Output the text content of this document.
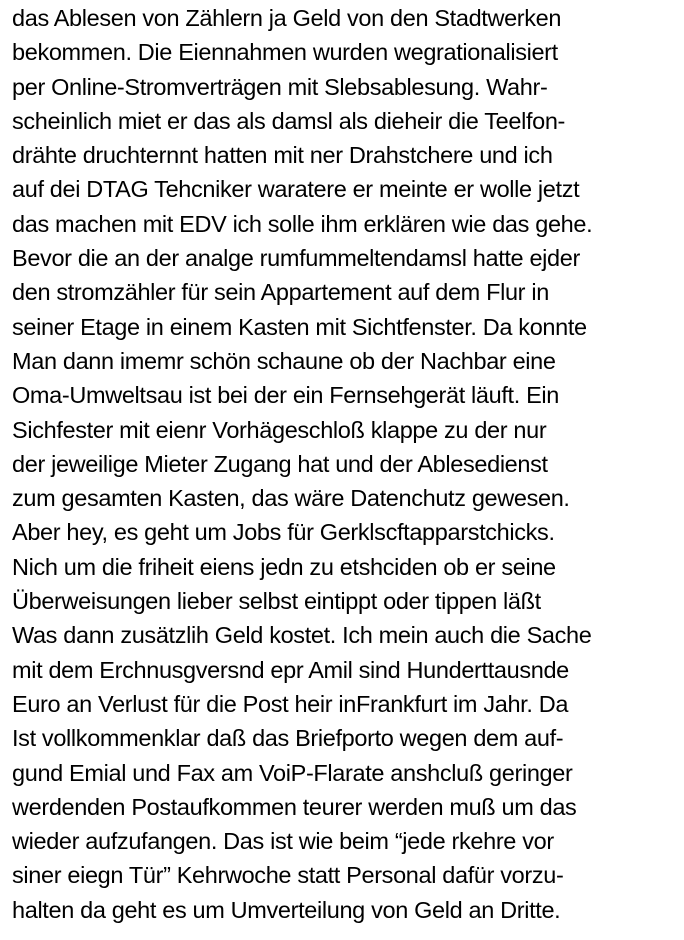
das Ablesen von Zählern ja Geld von den Stadtwerken
bekommen. Die Eiennahmen wurden wegrationalisiert
per Online-Stromverträgen mit Slebsablesung. Wahr-
scheinlich miet er das als damsl als dieheir die Teelfon-
drähte druchternnt hatten mit ner Drahstchere und ich
auf dei DTAG Tehcniker waratere er meinte er wolle jetzt
das machen mit EDV ich solle ihm erklären wie das gehe.
Bevor die an der analge rumfummeltendamsl hatte ejder
den stromzähler für sein Appartement auf dem Flur in
seiner Etage in einem Kasten mit Sichtfenster. Da konnte
Man dann imemr schön schaune ob der Nachbar eine
Oma-Umweltsau ist bei der ein Fernsehgerät läuft. Ein
Sichfester mit eienr Vorhägeschloß klappe zu der nur
der jeweilige Mieter Zugang hat und der Ablesedienst
zum gesamten Kasten, das wäre Datenchutz gewesen.
Aber hey, es geht um Jobs für Gerklscftapparstchicks.
Nich um die friheit eiens jedn zu etshciden ob er seine
Überweisungen lieber selbst eintippt oder tippen läßt
Was dann zusätzlih Geld kostet. Ich mein auch die Sache
mit dem Erchnusgversnd epr Amil sind Hunderttausnde
Euro an Verlust für die Post heir inFrankfurt im Jahr. Da
Ist vollkommenklar daß das Briefporto wegen dem auf-
gund Emial und Fax am VoiP-Flarate anshcluß geringer
werdenden Postaufkommen teurer werden muß um das
wieder aufzufangen. Das ist wie beim “jede rkehre vor
siner eiegn Tür” Kehrwoche statt Personal dafür vorzu-
halten da geht es um Umverteilung von Geld an Dritte.
